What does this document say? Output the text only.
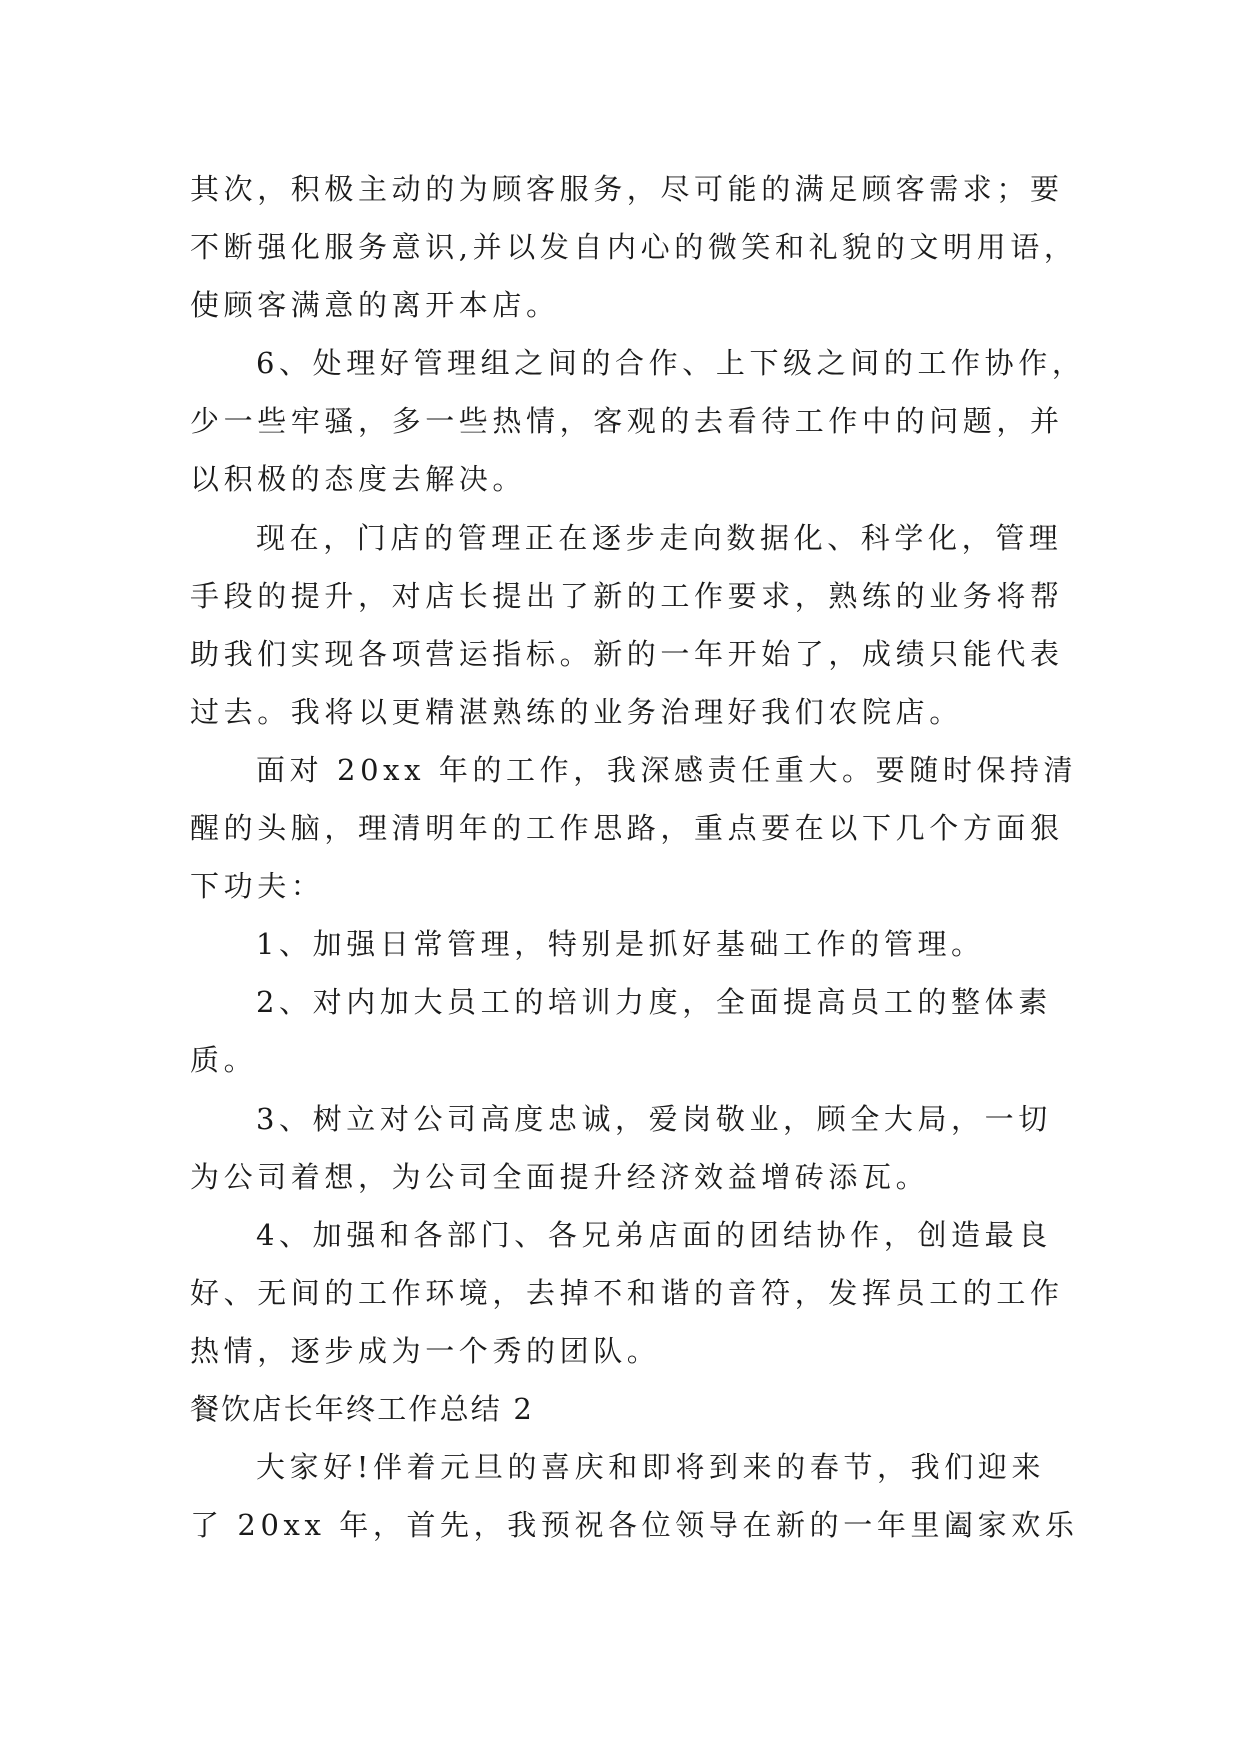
其次，积极主动的为顾客服务，尽可能的满足顾客需求；要
不断强化服务意识,并以发自内心的微笑和礼貌的文明用语，
使顾客满意的离开本店。
6、处理好管理组之间的合作、上下级之间的工作协作，
少一些牢骚，多一些热情，客观的去看待工作中的问题，并
以积极的态度去解决。
现在，门店的管理正在逐步走向数据化、科学化，管理
手段的提升，对店长提出了新的工作要求，熟练的业务将帮
助我们实现各项营运指标。新的一年开始了，成绩只能代表
过去。我将以更精湛熟练的业务治理好我们农院店。
面对 20xx 年的工作，我深感责任重大。要随时保持清
醒的头脑，理清明年的工作思路，重点要在以下几个方面狠
下功夫：
1、加强日常管理，特别是抓好基础工作的管理。
2、对内加大员工的培训力度，全面提高员工的整体素
质。
3、树立对公司高度忠诚，爱岗敬业，顾全大局，一切
为公司着想，为公司全面提升经济效益增砖添瓦。
4、加强和各部门、各兄弟店面的团结协作，创造最良
好、无间的工作环境，去掉不和谐的音符，发挥员工的工作
热情，逐步成为一个秀的团队。
餐饮店长年终工作总结 2
大家好!伴着元旦的喜庆和即将到来的春节，我们迎来
了 20xx 年，首先，我预祝各位领导在新的一年里阖家欢乐
